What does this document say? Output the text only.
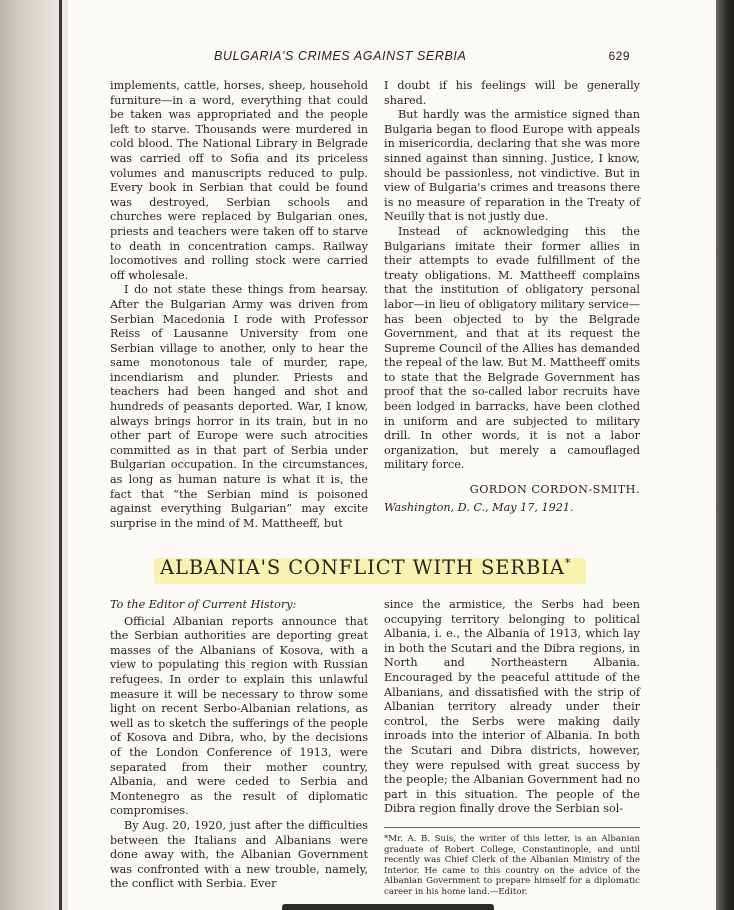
BULGARIA'S CRIMES AGAINST SERBIA	629

implements, cattle, horses, sheep, household furniture—in a word, everything that could be taken was appropriated and the people left to starve. Thousands were murdered in cold blood. The National Library in Belgrade was carried off to Sofia and its priceless volumes and manuscripts reduced to pulp. Every book in Serbian that could be found was destroyed, Serbian schools and churches were replaced by Bulgarian ones, priests and teachers were taken off to starve to death in concentration camps. Railway locomotives and rolling stock were carried off wholesale.

I do not state these things from hearsay. After the Bulgarian Army was driven from Serbian Macedonia I rode with Professor Reiss of Lausanne University from one Serbian village to another, only to hear the same monotonous tale of murder, rape, incendiarism and plunder. Priests and teachers had been hanged and shot and hundreds of peasants deported. War, I know, always brings horror in its train, but in no other part of Europe were such atrocities committed as in that part of Serbia under Bulgarian occupation. In the circumstances, as long as human nature is what it is, the fact that “the Serbian mind is poisoned against everything Bulgarian” may excite surprise in the mind of M. Mattheeff, but

I doubt if his feelings will be generally shared.

But hardly was the armistice signed than Bulgaria began to flood Europe with appeals in misericordia, declaring that she was more sinned against than sinning. Justice, I know, should be passionless, not vindictive. But in view of Bulgaria's crimes and treasons there is no measure of reparation in the Treaty of Neuilly that is not justly due.

Instead of acknowledging this the Bulgarians imitate their former allies in their attempts to evade fulfillment of the treaty obligations. M. Mattheeff complains that the institution of obligatory personal labor—in lieu of obligatory military service—has been objected to by the Belgrade Government, and that at its request the Supreme Council of the Allies has demanded the repeal of the law. But M. Mattheeff omits to state that the Belgrade Government has proof that the so-called labor recruits have been lodged in barracks, have been clothed in uniform and are subjected to military drill. In other words, it is not a labor organization, but merely a camouflaged military force.

GORDON CORDON-SMITH.
Washington, D. C., May 17, 1921.
ALBANIA'S CONFLICT WITH SERBIA*

To the Editor of Current History:

Official Albanian reports announce that the Serbian authorities are deporting great masses of the Albanians of Kosova, with a view to populating this region with Russian refugees. In order to explain this unlawful measure it will be necessary to throw some light on recent Serbo-Albanian relations, as well as to sketch the sufferings of the people of Kosova and Dibra, who, by the decisions of the London Conference of 1913, were separated from their mother country, Albania, and were ceded to Serbia and Montenegro as the result of diplomatic compromises.

By Aug. 20, 1920, just after the difficulties between the Italians and Albanians were done away with, the Albanian Government was confronted with a new trouble, namely, the conflict with Serbia. Ever

since the armistice, the Serbs had been occupying territory belonging to political Albania, i. e., the Albania of 1913, which lay in both the Scutari and the Dibra regions, in North and Northeastern Albania. Encouraged by the peaceful attitude of the Albanians, and dissatisfied with the strip of Albanian territory already under their control, the Serbs were making daily inroads into the interior of Albania. In both the Scutari and Dibra districts, however, they were repulsed with great success by the people; the Albanian Government had no part in this situation. The people of the Dibra region finally drove the Serbian sol-

*Mr. A. B. Suis, the writer of this letter, is an Albanian graduate of Robert College, Constantinople, and until recently was Chief Clerk of the Albanian Ministry of the Interior. He came to this country on the advice of the Albanian Government to prepare himself for a diplomatic career in his home land.—Editor.
